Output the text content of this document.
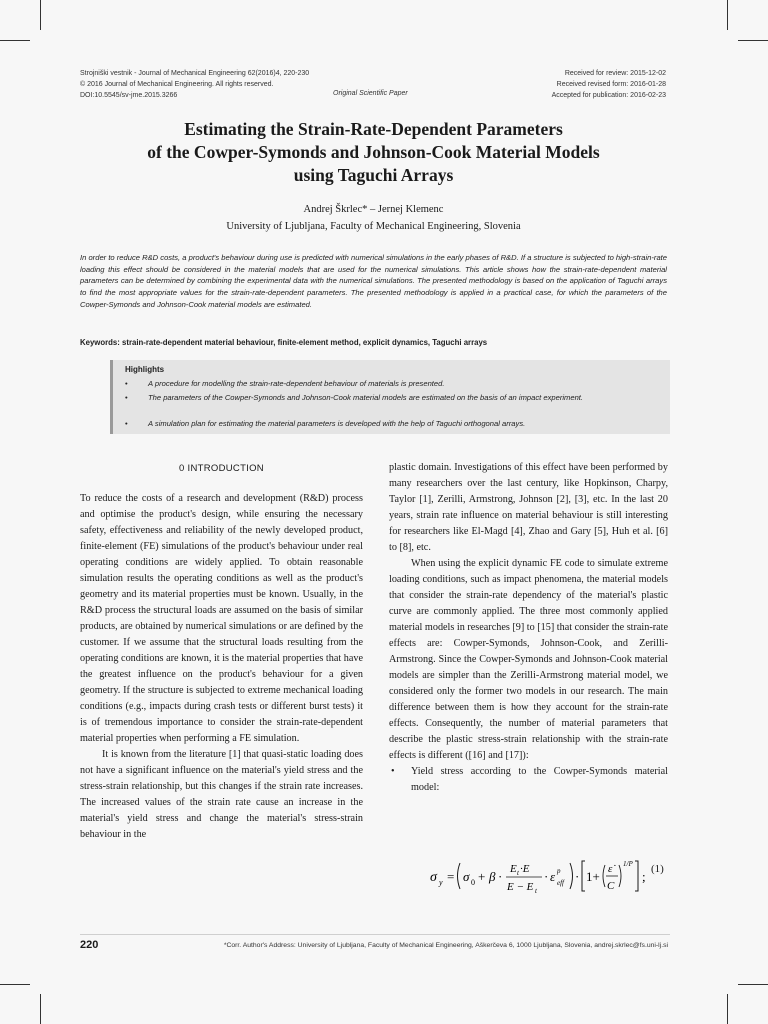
Strojniški vestnik - Journal of Mechanical Engineering 62(2016)4, 220-230
© 2016 Journal of Mechanical Engineering. All rights reserved.
DOI:10.5545/sv-jme.2015.3266	Original Scientific Paper
Received for review: 2015-12-02
Received revised form: 2016-01-28
Accepted for publication: 2016-02-23
Estimating the Strain-Rate-Dependent Parameters
of the Cowper-Symonds and Johnson-Cook Material Models
using Taguchi Arrays
Andrej Škrlec* – Jernej Klemenc
University of Ljubljana, Faculty of Mechanical Engineering, Slovenia
In order to reduce R&D costs, a product's behaviour during use is predicted with numerical simulations in the early phases of R&D. If a structure is subjected to high-strain-rate loading this effect should be considered in the material models that are used for the numerical simulations. This article shows how the strain-rate-dependent material parameters can be determined by combining the experimental data with the numerical simulations. The presented methodology is based on the application of Taguchi arrays to find the most appropriate values for the strain-rate-dependent parameters. The presented methodology is applied in a practical case, for which the parameters of the Cowper-Symonds and Johnson-Cook material models are estimated.
Keywords: strain-rate-dependent material behaviour, finite-element method, explicit dynamics, Taguchi arrays
Highlights
•	A procedure for modelling the strain-rate-dependent behaviour of materials is presented.
•	The parameters of the Cowper-Symonds and Johnson-Cook material models are estimated on the basis of an impact experiment.
•	A simulation plan for estimating the material parameters is developed with the help of Taguchi orthogonal arrays.
0 INTRODUCTION

To reduce the costs of a research and development (R&D) process and optimise the product's design, while ensuring the necessary safety, effectiveness and reliability of the newly developed product, finite-element (FE) simulations of the product's behaviour under real operating conditions are widely applied. To obtain reasonable simulation results the operating conditions as well as the product's geometry and its material properties must be known. Usually, in the R&D process the structural loads are assumed on the basis of similar products, are obtained by numerical simulations or are defined by the customer. If we assume that the structural loads resulting from the operating conditions are known, it is the material properties that have the greatest influence on the product's behaviour for a given geometry. If the structure is subjected to extreme mechanical loading conditions (e.g., impacts during crash tests or different burst tests) it is of tremendous importance to consider the strain-rate-dependent material properties when performing a FE simulation.

It is known from the literature [1] that quasi-static loading does not have a significant influence on the material's yield stress and the stress-strain relationship, but this changes if the strain rate increases. The increased values of the strain rate cause an increase in the material's yield stress and change the material's stress-strain behaviour in the

plastic domain. Investigations of this effect have been performed by many researchers over the last century, like Hopkinson, Charpy, Taylor [1], Zerilli, Armstrong, Johnson [2], [3], etc. In the last 20 years, strain rate influence on material behaviour is still interesting for researchers like El-Magd [4], Zhao and Gary [5], Huh et al. [6] to [8], etc.

When using the explicit dynamic FE code to simulate extreme loading conditions, such as impact phenomena, the material models that consider the strain-rate dependency of the material's plastic curve are commonly applied. The three most commonly applied material models in researches [9] to [15] that consider the strain-rate effects are: Cowper-Symonds, Johnson-Cook, and Zerilli-Armstrong. Since the Cowper-Symonds and Johnson-Cook material models are simpler than the Zerilli-Armstrong material model, we considered only the former two models in our research. The main difference between them is how they account for the strain-rate effects. Consequently, the number of material parameters that describe the plastic stress-strain relationship with the strain-rate effects is different ([16] and [17]):

• Yield stress according to the Cowper-Symonds material model:
σ y = σ 0 + β · E t ·E
E − E t
· ε p
eff · 1+ ε̇
C
1/P
; (1)
220	*Corr. Author's Address: University of Ljubljana, Faculty of Mechanical Engineering, Aškerčeva 6, 1000 Ljubljana, Slovenia, andrej.skrlec@fs.uni-lj.si
